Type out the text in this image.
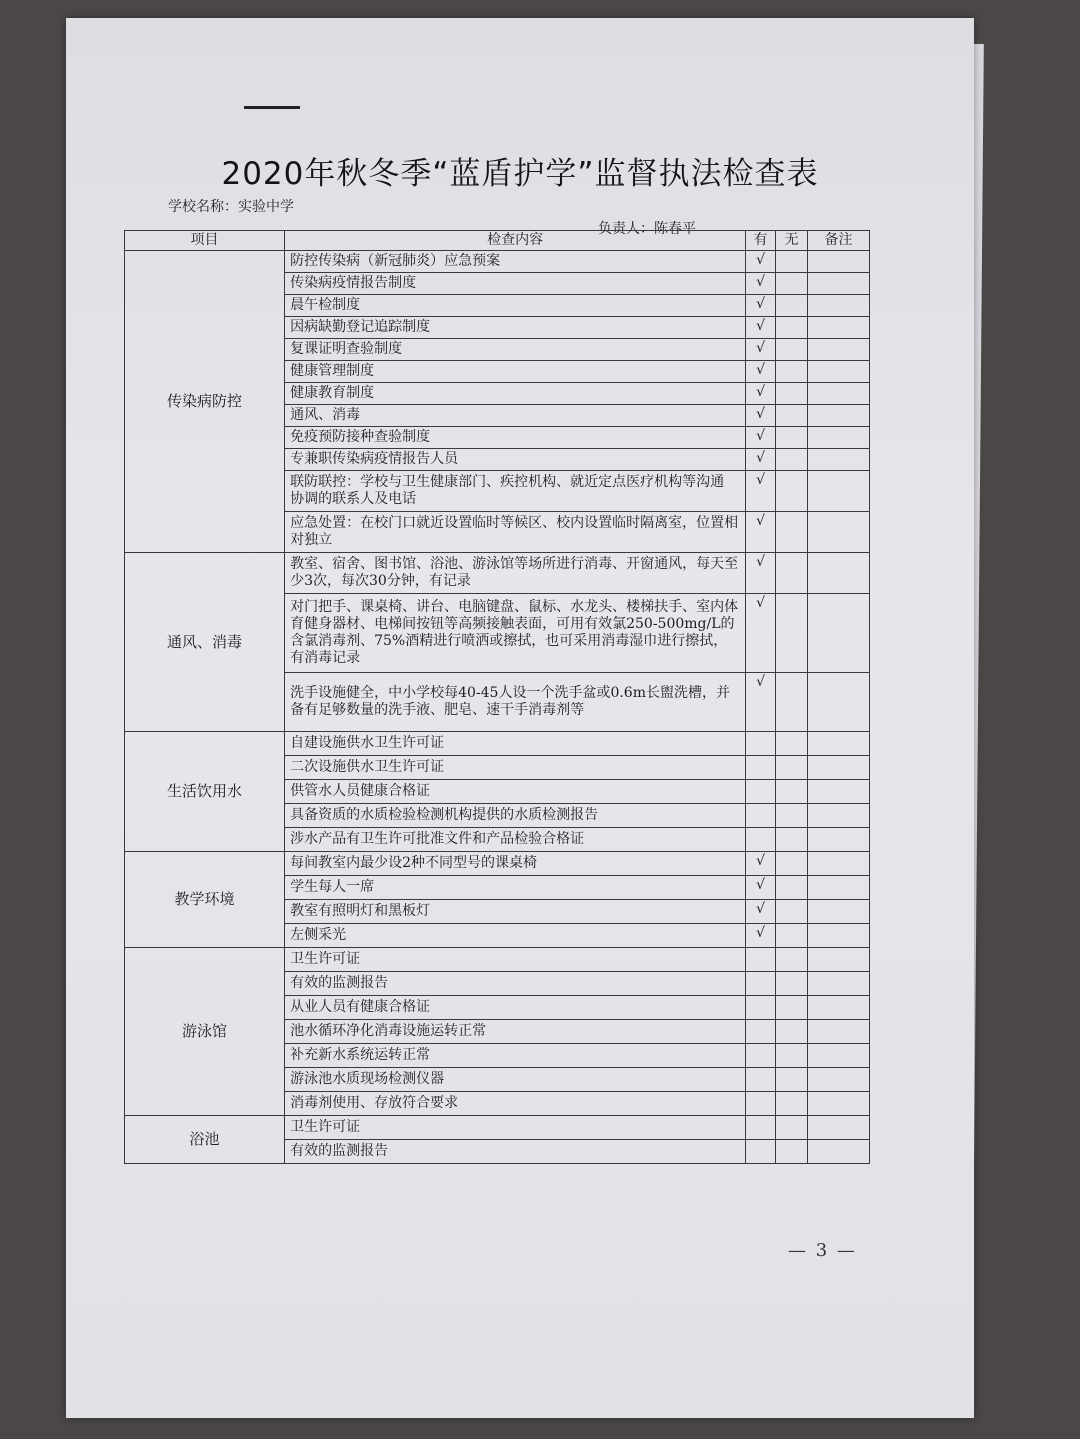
2020年秋冬季“蓝盾护学”监督执法检查表
学校名称：实验中学
负责人：陈春平
项目	检查内容	有	无	备注
传染病防控	防控传染病（新冠肺炎）应急预案	√		
	传染病疫情报告制度	√		
	晨午检制度	√		
	因病缺勤登记追踪制度	√		
	复课证明查验制度	√		
	健康管理制度	√		
	健康教育制度	√		
	通风、消毒	√		
	免疫预防接种查验制度	√		
	专兼职传染病疫情报告人员	√		
	联防联控：学校与卫生健康部门、疾控机构、就近定点医疗机构等沟通 协调的联系人及电话	√		
	应急处置：在校门口就近设置临时等候区、校内设置临时隔离室，位置相对独立	√		
通风、消毒	教室、宿舍、图书馆、浴池、游泳馆等场所进行消毒、开窗通风，每天至少3次，每次30分钟，有记录	√		
	对门把手、课桌椅、讲台、电脑键盘、鼠标、水龙头、楼梯扶手、室内体育健身器材、电梯间按钮等高频接触表面，可用有效氯250-500mg/L的含氯消毒剂、75%酒精进行喷洒或擦拭，也可采用消毒湿巾进行擦拭，有消毒记录	√		
	洗手设施健全，中小学校每40-45人设一个洗手盆或0.6m长盥洗槽，并备有足够数量的洗手液、肥皂、速干手消毒剂等	√		
生活饮用水	自建设施供水卫生许可证			
	二次设施供水卫生许可证			
	供管水人员健康合格证			
	具备资质的水质检验检测机构提供的水质检测报告			
	涉水产品有卫生许可批准文件和产品检验合格证			
教学环境	每间教室内最少设2种不同型号的课桌椅	√		
	学生每人一席	√		
	教室有照明灯和黑板灯	√		
	左侧采光	√		
游泳馆	卫生许可证			
	有效的监测报告			
	从业人员有健康合格证			
	池水循环净化消毒设施运转正常			
	补充新水系统运转正常			
	游泳池水质现场检测仪器			
	消毒剂使用、存放符合要求			
浴池	卫生许可证			
	有效的监测报告			
— 3 —
